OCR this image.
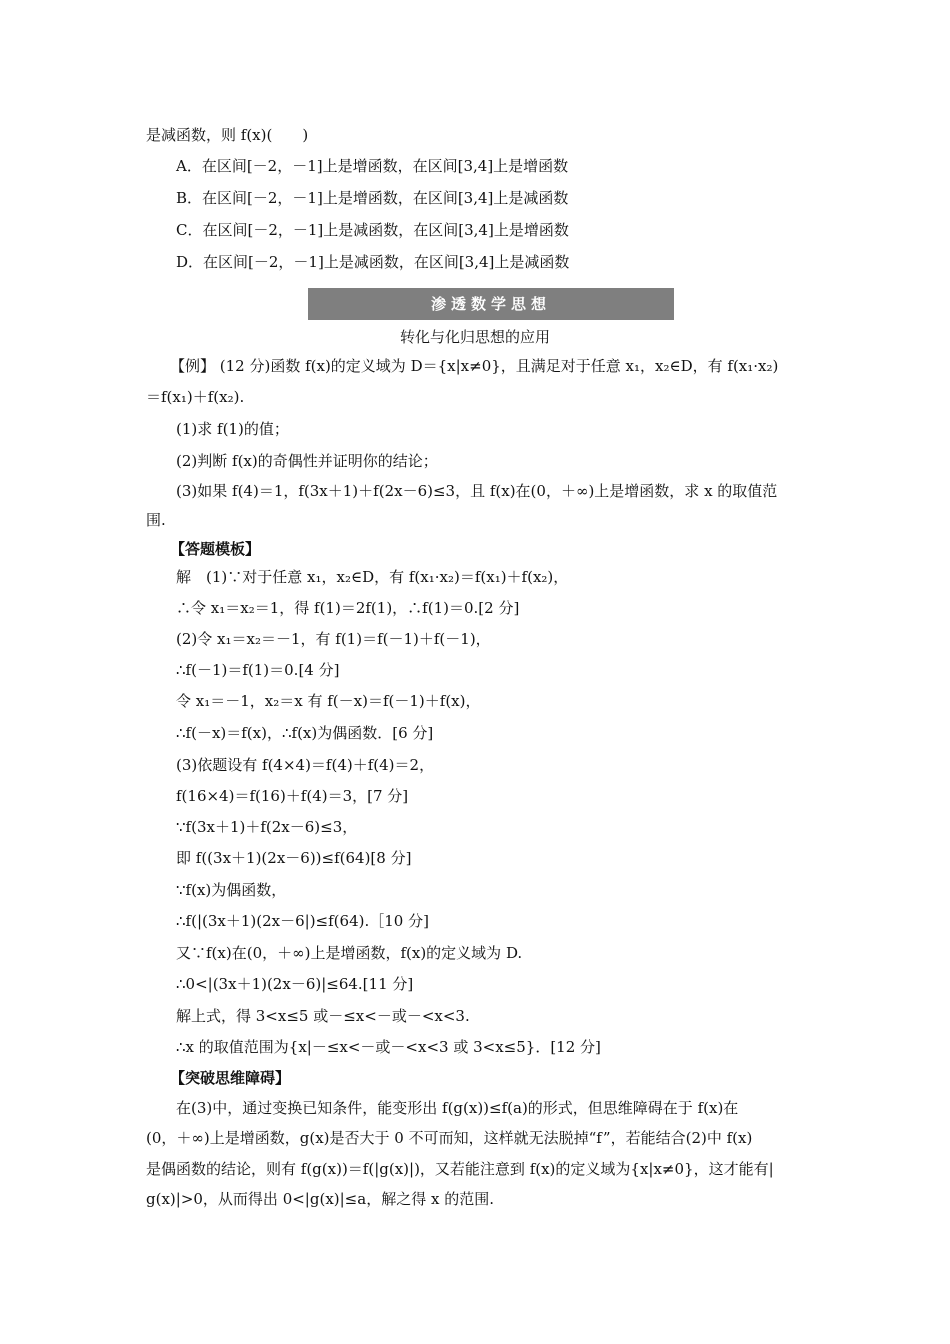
是减函数，则 f(x)(　　)
A．在区间[－2，－1]上是增函数，在区间[3,4]上是增函数
B．在区间[－2，－1]上是增函数，在区间[3,4]上是减函数
C．在区间[－2，－1]上是减函数，在区间[3,4]上是增函数
D．在区间[－2，－1]上是减函数，在区间[3,4]上是减函数
渗透数学思想
转化与化归思想的应用
【例】 (12 分)函数 f(x)的定义域为 D＝{x|x≠0}，且满足对于任意 x₁，x₂∈D，有 f(x₁·x₂)
＝f(x₁)＋f(x₂).
(1)求 f(1)的值；
(2)判断 f(x)的奇偶性并证明你的结论；
(3)如果 f(4)＝1，f(3x＋1)＋f(2x－6)≤3，且 f(x)在(0，＋∞)上是增函数，求 x 的取值范
围.
【答题模板】
解　(1)∵对于任意 x₁，x₂∈D，有 f(x₁·x₂)＝f(x₁)＋f(x₂)，
∴令 x₁＝x₂＝1，得 f(1)＝2f(1)，∴f(1)＝0.[2 分]
(2)令 x₁＝x₂＝－1，有 f(1)＝f(－1)＋f(－1)，
∴f(－1)＝f(1)＝0.[4 分]
令 x₁＝－1，x₂＝x 有 f(－x)＝f(－1)＋f(x)，
∴f(－x)＝f(x)，∴f(x)为偶函数．[6 分]
(3)依题设有 f(4×4)＝f(4)＋f(4)＝2，
f(16×4)＝f(16)＋f(4)＝3，[7 分]
∵f(3x＋1)＋f(2x－6)≤3，
即 f((3x＋1)(2x－6))≤f(64)[8 分]
∵f(x)为偶函数，
∴f(|(3x＋1)(2x－6|)≤f(64).［10 分]
又∵f(x)在(0，＋∞)上是增函数，f(x)的定义域为 D.
∴0<|(3x＋1)(2x－6)|≤64.[11 分]
解上式，得 3<x≤5 或－≤x<－或－<x<3.
∴x 的取值范围为{x|－≤x<－或－<x<3 或 3<x≤5}．[12 分]
【突破思维障碍】
在(3)中，通过变换已知条件，能变形出 f(g(x))≤f(a)的形式，但思维障碍在于 f(x)在
(0，＋∞)上是增函数，g(x)是否大于 0 不可而知，这样就无法脱掉“f”，若能结合(2)中 f(x)
是偶函数的结论，则有 f(g(x))＝f(|g(x)|)，又若能注意到 f(x)的定义域为{x|x≠0}，这才能有|
g(x)|>0，从而得出 0<|g(x)|≤a，解之得 x 的范围.
